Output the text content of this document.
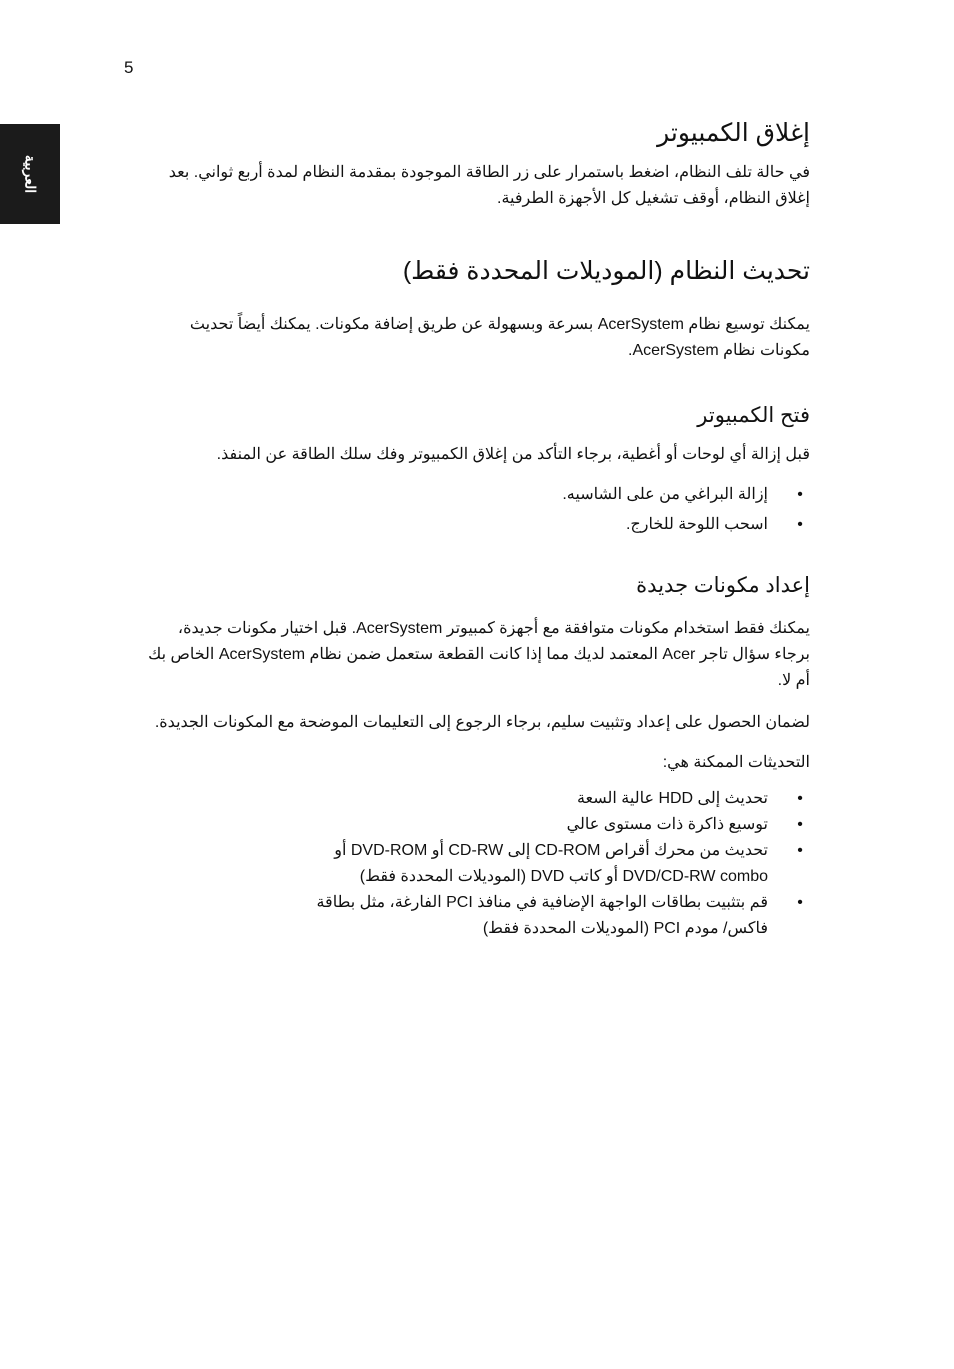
5
العربية
إغلاق الكمبيوتر

في حالة تلف النظام، اضغط باستمرار على زر الطاقة الموجودة بمقدمة النظام لمدة أربع ثواني. بعد إغلاق النظام، أوقف تشغيل كل الأجهزة الطرفية.

تحديث النظام (الموديلات المحددة فقط)

يمكنك توسيع نظام AcerSystem بسرعة وبسهولة عن طريق إضافة مكونات. يمكنك أيضاً تحديث مكونات نظام AcerSystem.

فتح الكمبيوتر

قبل إزالة أي لوحات أو أغطية، برجاء التأكد من إغلاق الكمبيوتر وفك سلك الطاقة عن المنفذ.

• إزالة البراغي من على الشاسيه.
• اسحب اللوحة للخارج.
إعداد مكونات جديدة

يمكنك فقط استخدام مكونات متوافقة مع أجهزة كمبيوتر AcerSystem. قبل اختيار مكونات جديدة، برجاء سؤال تاجر Acer المعتمد لديك مما إذا كانت القطعة ستعمل ضمن نظام AcerSystem الخاص بك أم لا.

لضمان الحصول على إعداد وتثبيت سليم، برجاء الرجوع إلى التعليمات الموضحة مع المكونات الجديدة.

التحديثات الممكنة هي:

• تحديث إلى HDD عالية السعة
• توسيع ذاكرة ذات مستوى عالي
• تحديث من محرك أقراص CD-ROM إلى CD-RW أو DVD-ROM أو DVD/CD-RW combo أو كاتب DVD (الموديلات المحددة فقط)
• قم بتثبيت بطاقات الواجهة الإضافية في منافذ PCI الفارغة، مثل بطاقة فاكس/ مودم PCI (الموديلات المحددة فقط)
